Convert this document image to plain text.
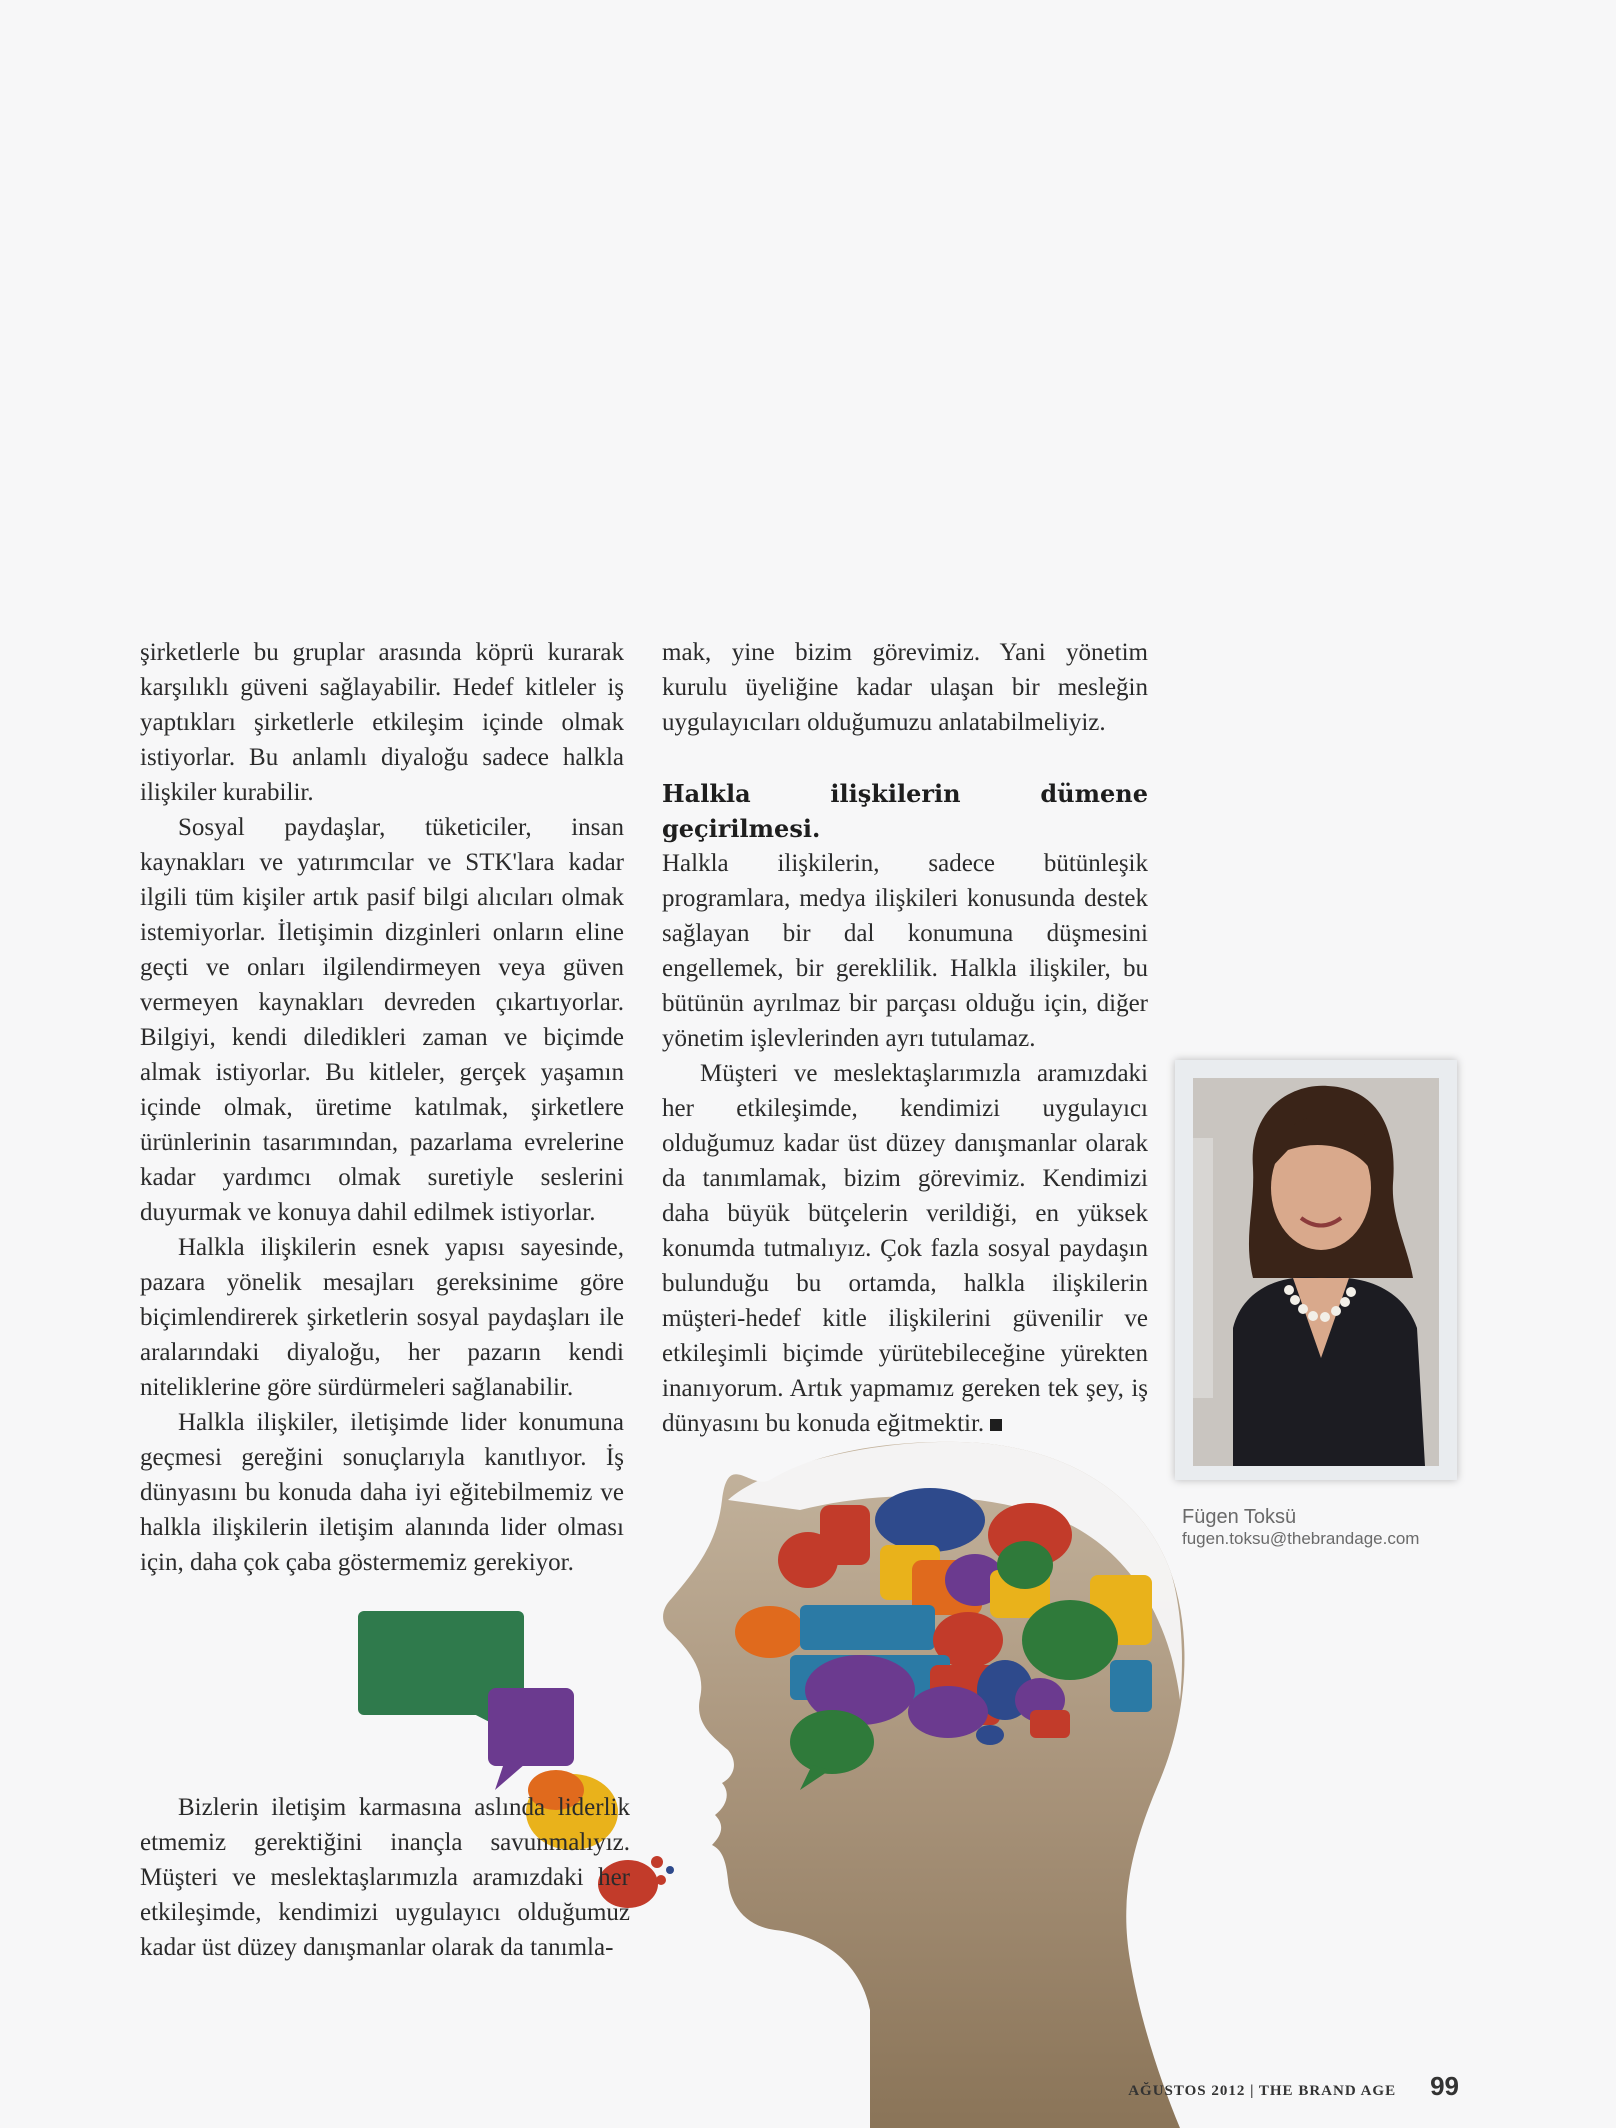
şirketlerle bu gruplar arasında köprü kurarak karşılıklı güveni sağlayabilir. Hedef kitleler iş yaptıkları şirketlerle etkileşim içinde olmak istiyorlar. Bu anlamlı diyaloğu sadece halkla ilişkiler kurabilir.

Sosyal paydaşlar, tüketiciler, insan kaynakları ve yatırımcılar ve STK'lara kadar ilgili tüm kişiler artık pasif bilgi alıcıları olmak istemiyorlar. İletişimin dizginleri onların eline geçti ve onları ilgilendirmeyen veya güven vermeyen kaynakları devreden çıkartıyorlar. Bilgiyi, kendi diledikleri zaman ve biçimde almak istiyorlar. Bu kitleler, gerçek yaşamın içinde olmak, üretime katılmak, şirketlere ürünlerinin tasarımından, pazarlama evrelerine kadar yardımcı olmak suretiyle seslerini duyurmak ve konuya dahil edilmek istiyorlar.

Halkla ilişkilerin esnek yapısı sayesinde, pazara yönelik mesajları gereksinime göre biçimlendirerek şirketlerin sosyal paydaşları ile aralarındaki diyaloğu, her pazarın kendi niteliklerine göre sürdürmeleri sağlanabilir.

Halkla ilişkiler, iletişimde lider konumuna geçmesi gereğini sonuçlarıyla kanıtlıyor. İş dünyasını bu konuda daha iyi eğitebilmemiz ve halkla ilişkilerin iletişim alanında lider olması için, daha çok çaba göstermemiz gerekiyor.

Bizlerin iletişim karmasına aslında liderlik etmemiz gerektiğini inançla savunmalıyız. Müşteri ve meslektaşlarımızla aramızdaki her etkileşimde, kendimizi uygulayıcı olduğumuz kadar üst düzey danışmanlar olarak da tanımla-

mak, yine bizim görevimiz. Yani yönetim kurulu üyeliğine kadar ulaşan bir mesleğin uygulayıcıları olduğumuzu anlatabilmeliyiz.

Halkla ilişkilerin dümene geçirilmesi.

Halkla ilişkilerin, sadece bütünleşik programlara, medya ilişkileri konusunda destek sağlayan bir dal konumuna düşmesini engellemek, bir gereklilik. Halkla ilişkiler, bu bütünün ayrılmaz bir parçası olduğu için, diğer yönetim işlevlerinden ayrı tutulamaz.

Müşteri ve meslektaşlarımızla aramızdaki her etkileşimde, kendimizi uygulayıcı olduğumuz kadar üst düzey danışmanlar olarak da tanımlamak, bizim görevimiz. Kendimizi daha büyük bütçelerin verildiği, en yüksek konumda tutmalıyız. Çok fazla sosyal paydaşın bulunduğu bu ortamda, halkla ilişkilerin müşteri-hedef kitle ilişkilerini güvenilir ve etkileşimli biçimde yürütebileceğine yürekten inanıyorum. Artık yapmamız gereken tek şey, iş dünyasını bu konuda eğitmektir.

Fügen Toksü
fugen.toksu@thebrandage.com
AĞUSTOS 2012 | THE BRAND AGE 99
